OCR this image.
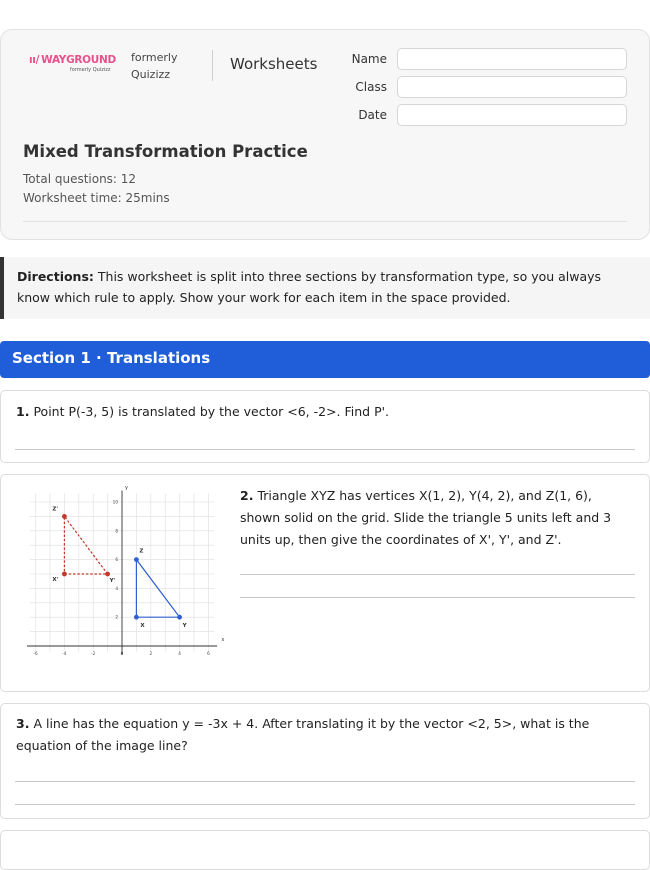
ıı/ WAYGROUND
formerly Quizizz
formerly
Quizizz
Worksheets	Name
Class
Date
Mixed Transformation Practice
Total questions: 12
Worksheet time: 25mins
Directions: This worksheet is split into three sections by transformation type, so you always know which rule to apply. Show your work for each item in the space provided.
Section 1 · Translations
1. Point P(-3, 5) is translated by the vector <6, -2>. Find P'.
x
y
-6	-4	-2	0	2	4	6
2
4
6
8
10
X	Y
Z
X'	Y'
Z'
2. Triangle XYZ has vertices X(1, 2), Y(4, 2), and Z(1, 6), shown solid on the grid. Slide the triangle 5 units left and 3 units up, then give the coordinates of X', Y', and Z'.
3. A line has the equation y = -3x + 4. After translating it by the vector <2, 5>, what is the equation of the image line?
